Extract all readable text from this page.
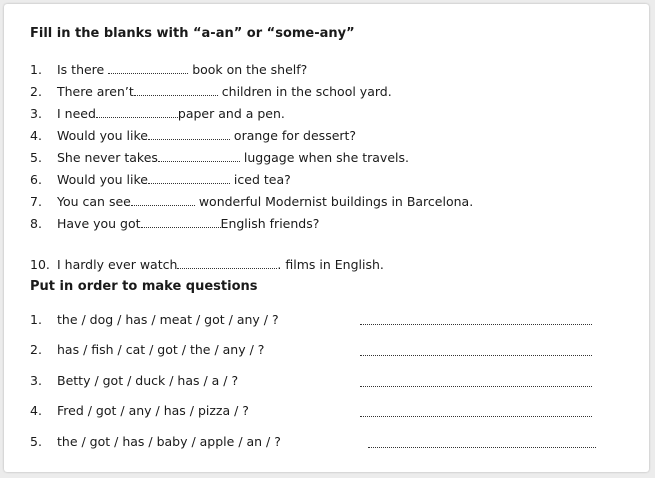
Fill in the blanks with “a-an” or “some-any”
1. Is there	book on the shelf?
2. There aren’t	children in the school yard.
3. I need	paper and a pen.
4. Would you like	orange for dessert?
5. She never takes	luggage when she travels.
6. Would you like	iced tea?
7. You can see	wonderful Modernist buildings in Barcelona.
8. Have you got	English friends?
10. I hardly ever watch	. films in English.
Put in order to make questions
1. the / dog / has / meat / got / any / ?
2. has / fish / cat / got / the / any / ?
3. Betty / got / duck / has / a / ?
4. Fred / got / any / has / pizza / ?
5. the / got / has / baby / apple / an / ?
